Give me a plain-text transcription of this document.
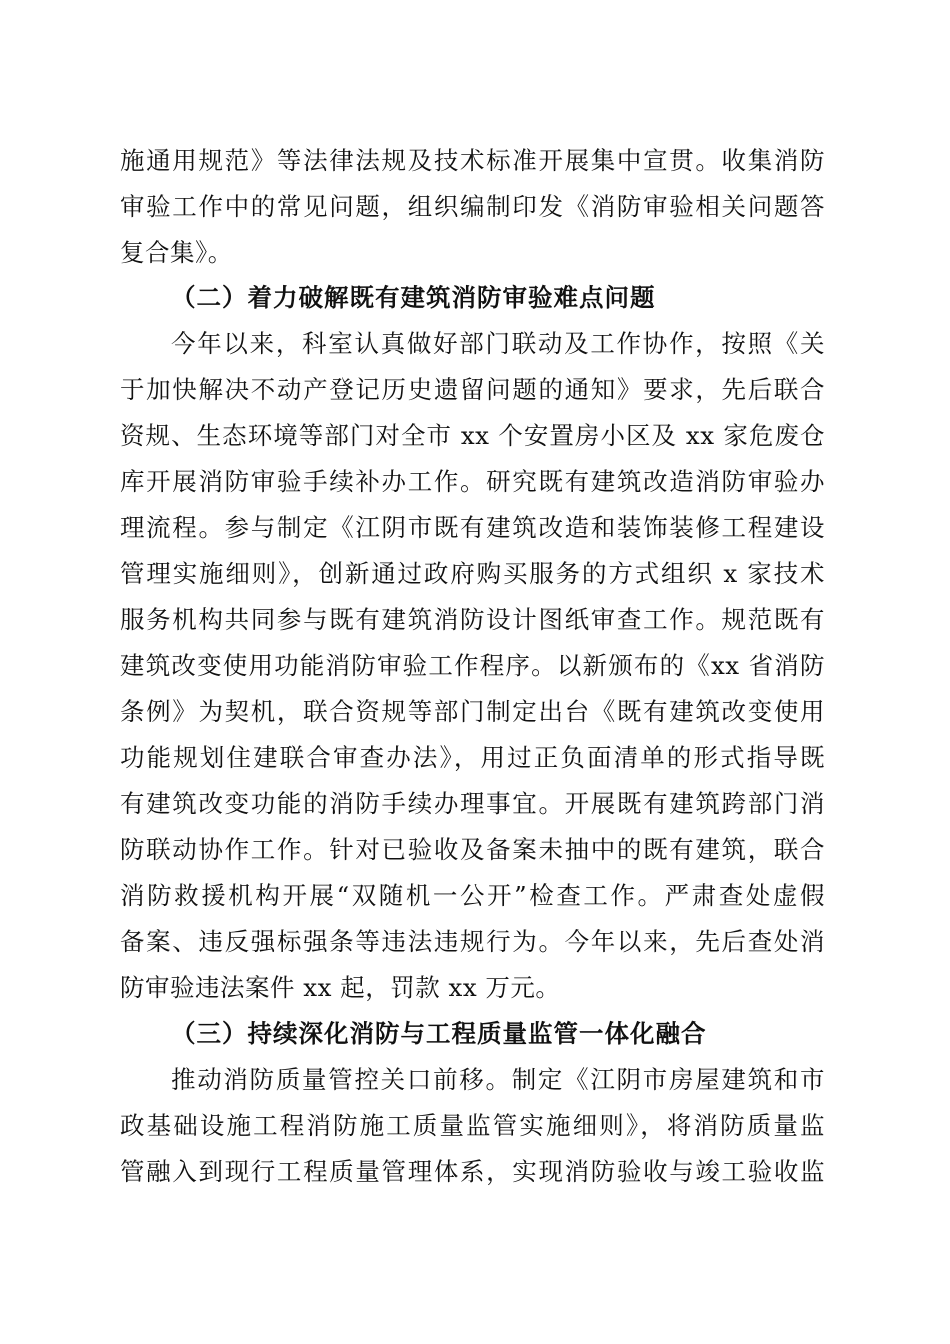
施通用规范》等法律法规及技术标准开展集中宣贯。收集消防
审验工作中的常见问题，组织编制印发《消防审验相关问题答
复合集》。
（二）着力破解既有建筑消防审验难点问题
今年以来，科室认真做好部门联动及工作协作，按照《关
于加快解决不动产登记历史遗留问题的通知》要求，先后联合
资规、生态环境等部门对全市 xx 个安置房小区及 xx 家危废仓
库开展消防审验手续补办工作。研究既有建筑改造消防审验办
理流程。参与制定《江阴市既有建筑改造和装饰装修工程建设
管理实施细则》，创新通过政府购买服务的方式组织 x 家技术
服务机构共同参与既有建筑消防设计图纸审查工作。规范既有
建筑改变使用功能消防审验工作程序。以新颁布的《xx 省消防
条例》为契机，联合资规等部门制定出台《既有建筑改变使用
功能规划住建联合审查办法》，用过正负面清单的形式指导既
有建筑改变功能的消防手续办理事宜。开展既有建筑跨部门消
防联动协作工作。针对已验收及备案未抽中的既有建筑，联合
消防救援机构开展“双随机一公开”检查工作。严肃查处虚假
备案、违反强标强条等违法违规行为。今年以来，先后查处消
防审验违法案件 xx 起，罚款 xx 万元。
（三）持续深化消防与工程质量监管一体化融合
推动消防质量管控关口前移。制定《江阴市房屋建筑和市
政基础设施工程消防施工质量监管实施细则》，将消防质量监
管融入到现行工程质量管理体系，实现消防验收与竣工验收监
